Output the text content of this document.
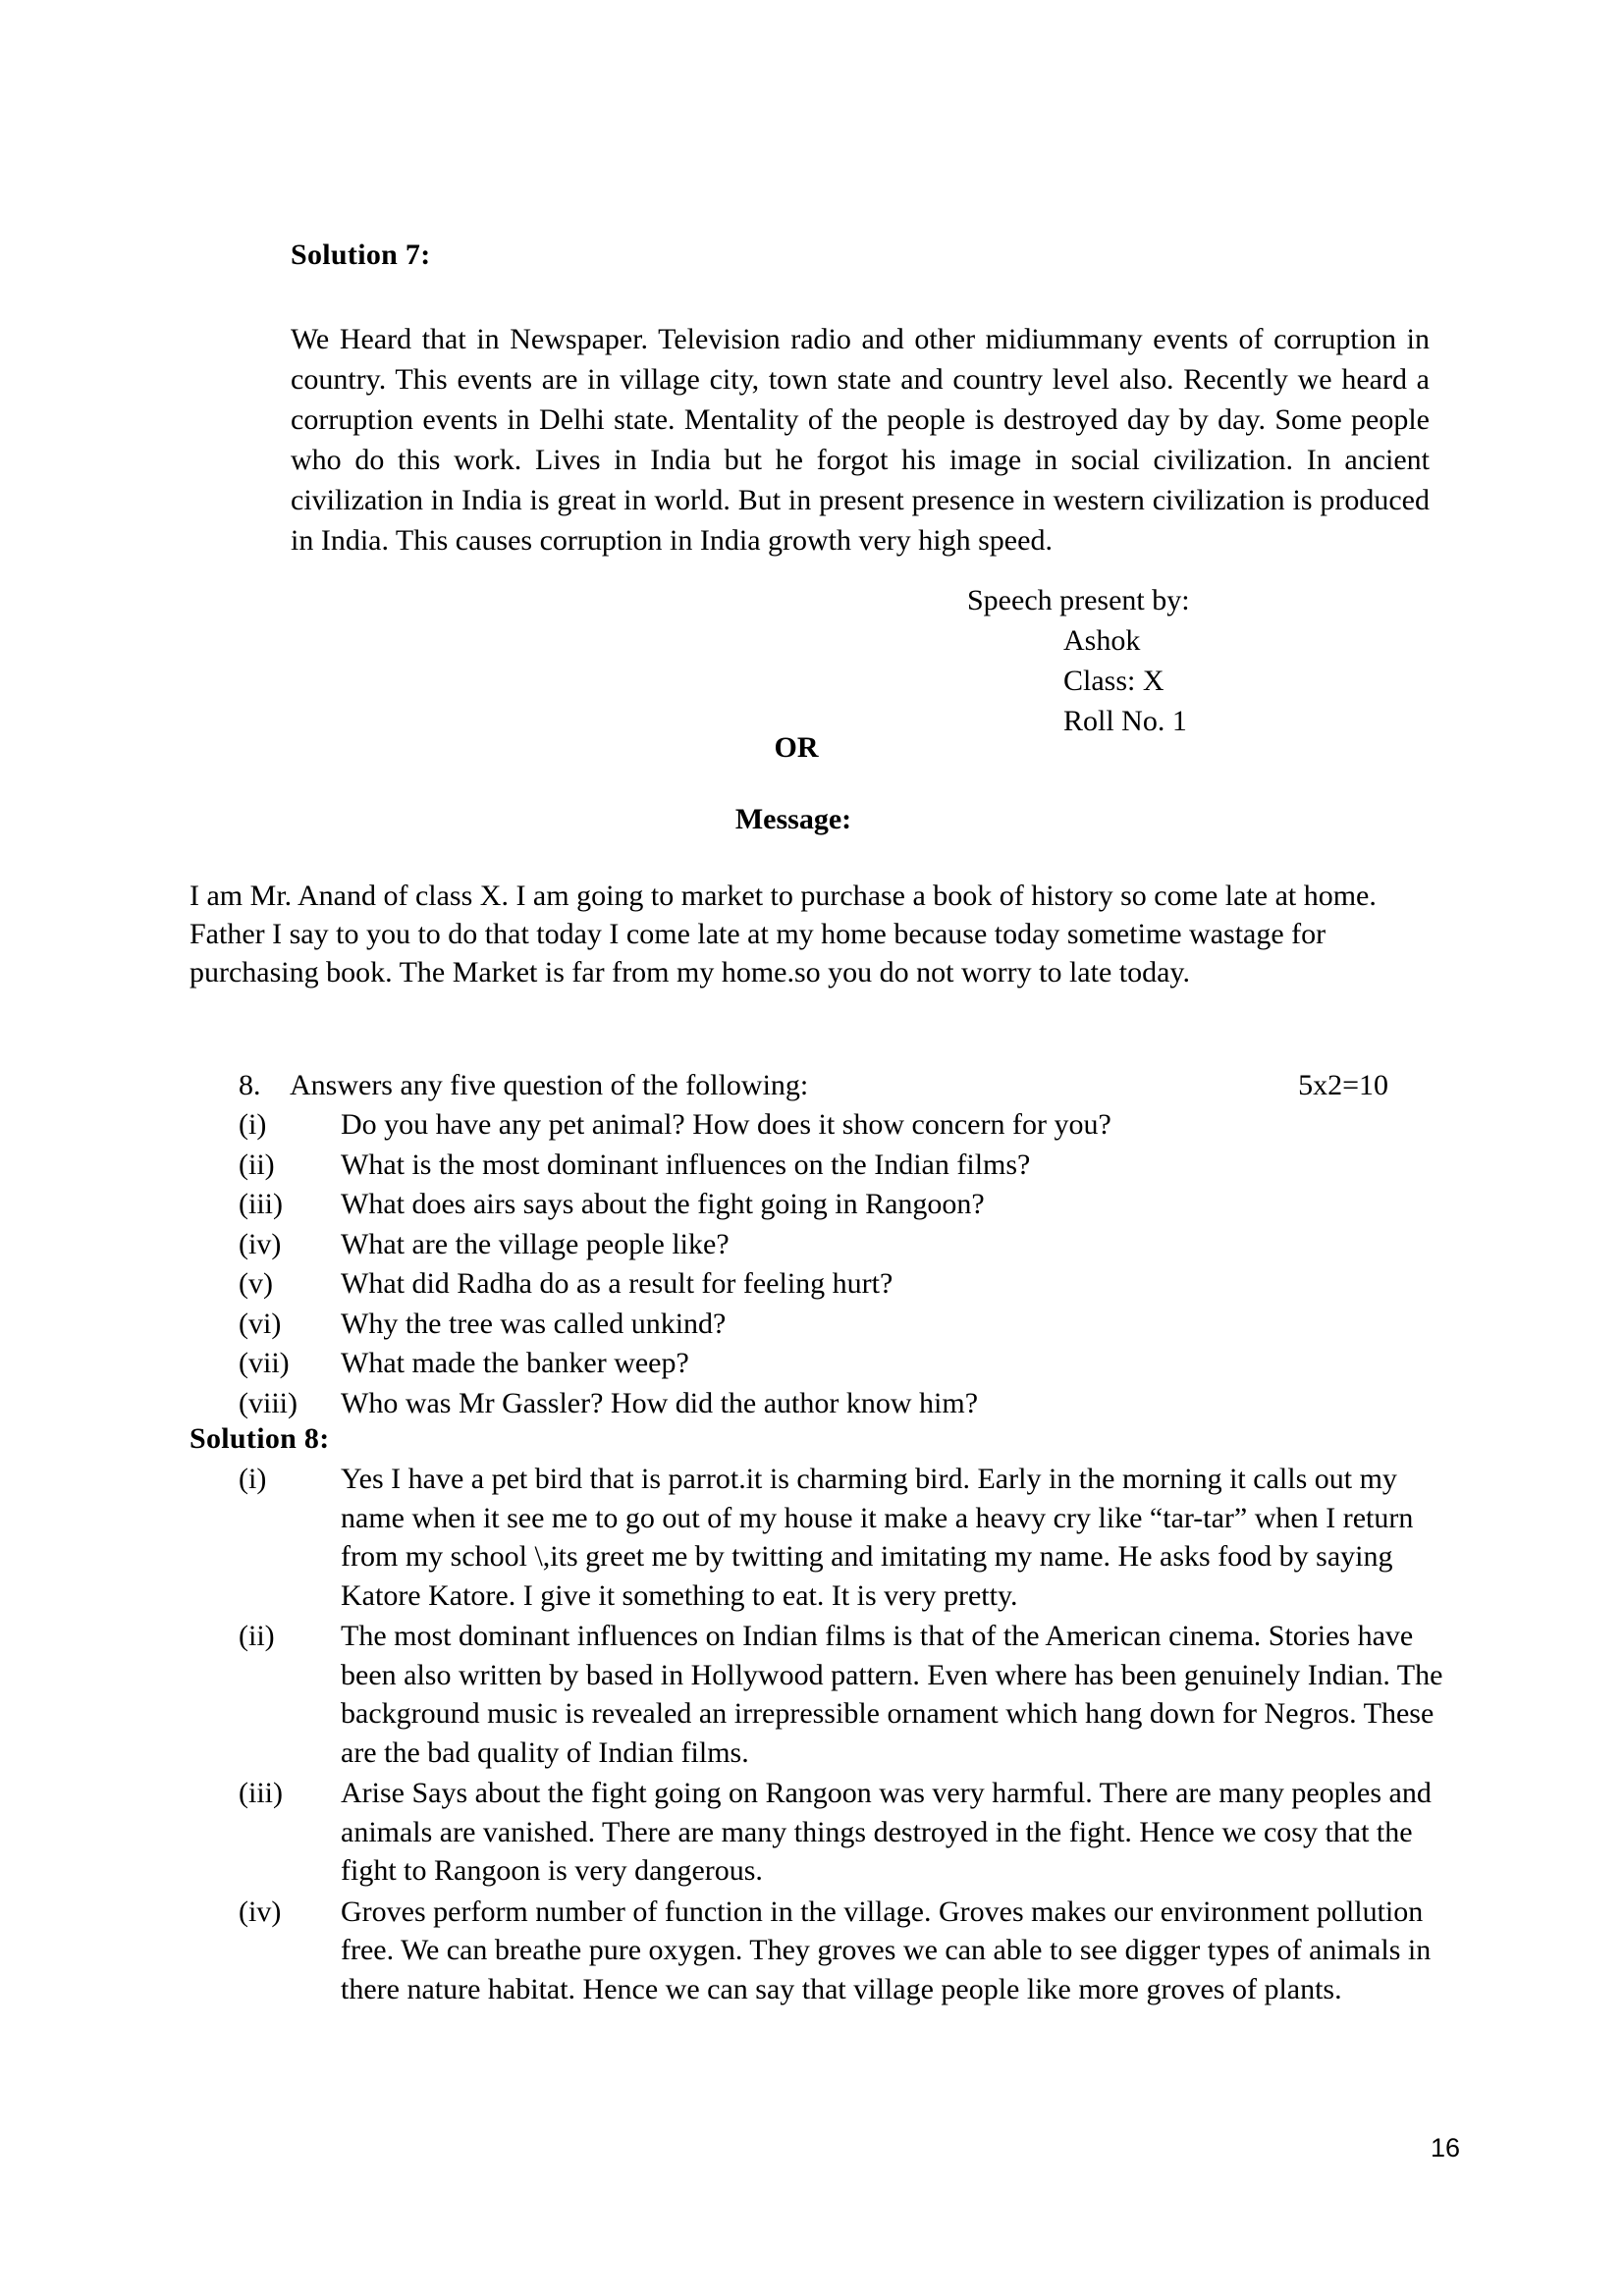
Solution 7:
We Heard that in Newspaper. Television radio and other midiummany events of corruption in country. This events are in village city, town state and country level also. Recently we heard a corruption events in Delhi state. Mentality of the people is destroyed day by day. Some people who do this work. Lives in India but he forgot his image in social civilization. In ancient civilization in India is great in world. But in present presence in western civilization is produced in India. This causes corruption in India growth very high speed.
Speech present by:
Ashok
Class: X
Roll No. 1
OR
Message:
I am Mr. Anand of class X. I am going to market to purchase a book of history so come late at home. Father I say to you to do that today I come late at my home because today sometime wastage for purchasing book. The Market is far from my home.so you do not worry to late today.
8. Answers any five question of the following:	5x2=10
(i)	Do you have any pet animal? How does it show concern for you?
(ii)	What is the most dominant influences on the Indian films?
(iii)	What does airs says about the fight going in Rangoon?
(iv)	What are the village people like?
(v)	What did Radha do as a result for feeling hurt?
(vi)	Why the tree was called unkind?
(vii)	What made the banker weep?
(viii)	Who was Mr Gassler? How did the author know him?
Solution 8:
(i)	Yes I have a pet bird that is parrot.it is charming bird. Early in the morning it calls out my name when it see me to go out of my house it make a heavy cry like “tar-tar” when I return from my school \,its greet me by twitting and imitating my name. He asks food by saying Katore Katore. I give it something to eat. It is very pretty.
(ii)	The most dominant influences on Indian films is that of the American cinema. Stories have been also written by based in Hollywood pattern. Even where has been genuinely Indian. The background music is revealed an irrepressible ornament which hang down for Negros. These are the bad quality of Indian films.
(iii)	Arise Says about the fight going on Rangoon was very harmful. There are many peoples and animals are vanished. There are many things destroyed in the fight. Hence we cosy that the fight to Rangoon is very dangerous.
(iv)	Groves perform number of function in the village. Groves makes our environment pollution free. We can breathe pure oxygen. They groves we can able to see digger types of animals in there nature habitat. Hence we can say that village people like more groves of plants.
16
